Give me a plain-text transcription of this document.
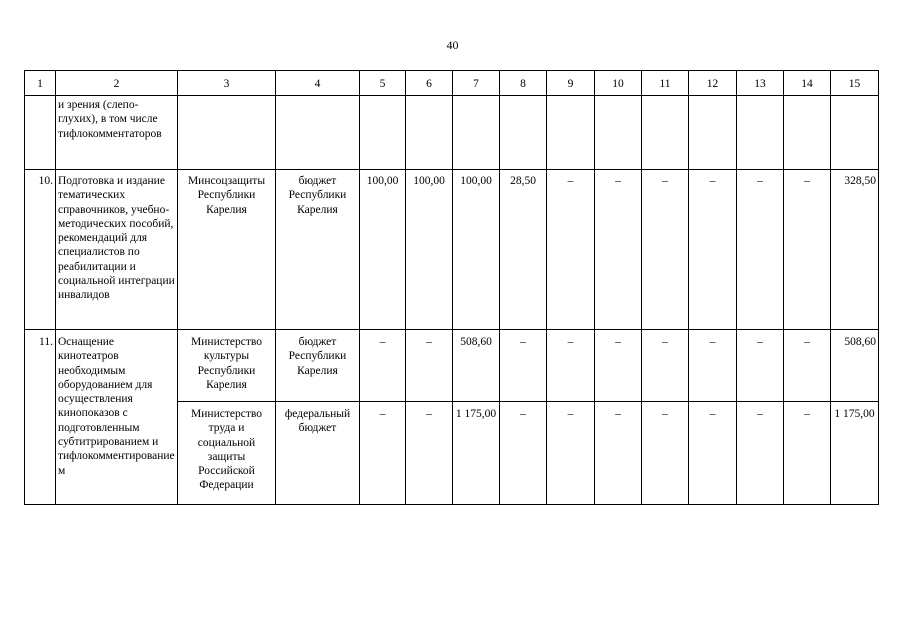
40
1	2	3	4	5	6	7	8	9	10	11	12	13	14	15
	и зрения (слепо-глухих), в том числе тифлокомментаторов													
10.	Подготовка и издание тематических справочников, учебно-методических пособий, рекомендаций для специалистов по реабилитации и социальной интеграции инвалидов	Минсоцзащиты Республики Карелия	бюджет Республики Карелия	100,00	100,00	100,00	28,50	–	–	–	–	–	–	328,50
11.	Оснащение кинотеатров необходимым оборудованием для осуществления кинопоказов с подготовленным субтитрированием и тифлокомментированием	Министерство культуры Республики Карелия	бюджет Республики Карелия	–	–	508,60	–	–	–	–	–	–	–	508,60
		Министерство труда и социальной защиты Российской Федерации	федеральный бюджет	–	–	1 175,00	–	–	–	–	–	–	–	1 175,00
